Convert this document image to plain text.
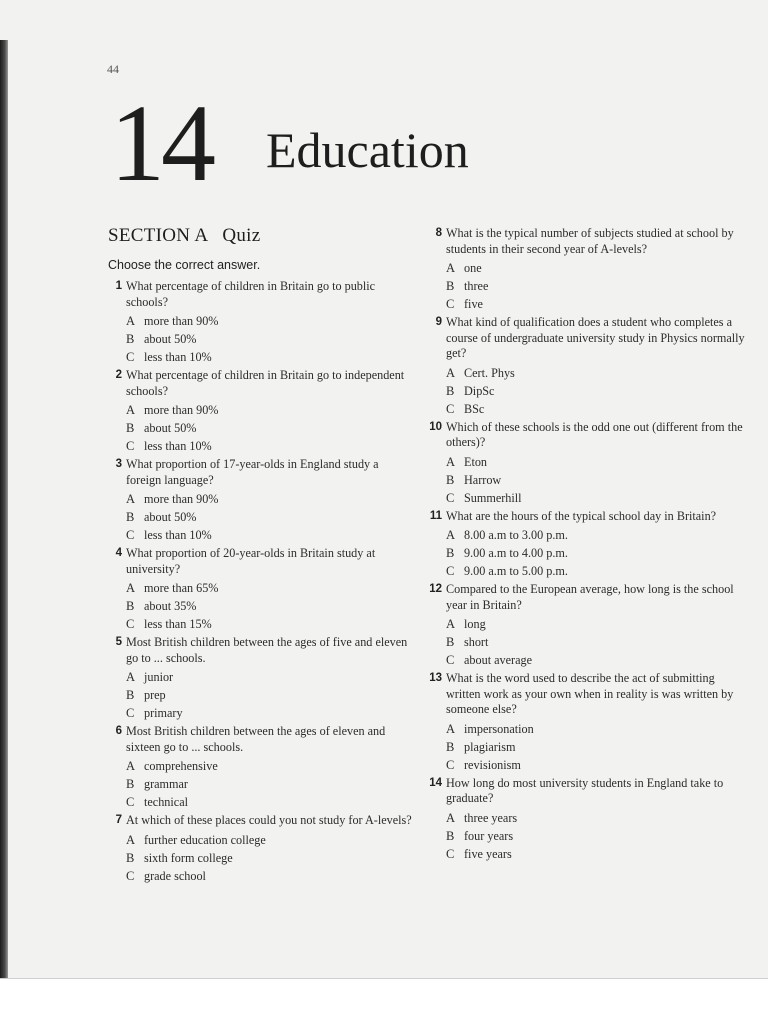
44
14 Education
SECTION A Quiz
Choose the correct answer.
1 What percentage of children in Britain go to public schools?
A more than 90%
B about 50%
C less than 10%
2 What percentage of children in Britain go to independent schools?
A more than 90%
B about 50%
C less than 10%
3 What proportion of 17-year-olds in England study a foreign language?
A more than 90%
B about 50%
C less than 10%
4 What proportion of 20-year-olds in Britain study at university?
A more than 65%
B about 35%
C less than 15%
5 Most British children between the ages of five and eleven go to ... schools.
A junior
B prep
C primary
6 Most British children between the ages of eleven and sixteen go to ... schools.
A comprehensive
B grammar
C technical
7 At which of these places could you not study for A-levels?
A further education college
B sixth form college
C grade school
8 What is the typical number of subjects studied at school by students in their second year of A-levels?
A one
B three
C five
9 What kind of qualification does a student who completes a course of undergraduate university study in Physics normally get?
A Cert. Phys
B DipSc
C BSc
10 Which of these schools is the odd one out (different from the others)?
A Eton
B Harrow
C Summerhill
11 What are the hours of the typical school day in Britain?
A 8.00 a.m to 3.00 p.m.
B 9.00 a.m to 4.00 p.m.
C 9.00 a.m to 5.00 p.m.
12 Compared to the European average, how long is the school year in Britain?
A long
B short
C about average
13 What is the word used to describe the act of submitting written work as your own when in reality is was written by someone else?
A impersonation
B plagiarism
C revisionism
14 How long do most university students in England take to graduate?
A three years
B four years
C five years
